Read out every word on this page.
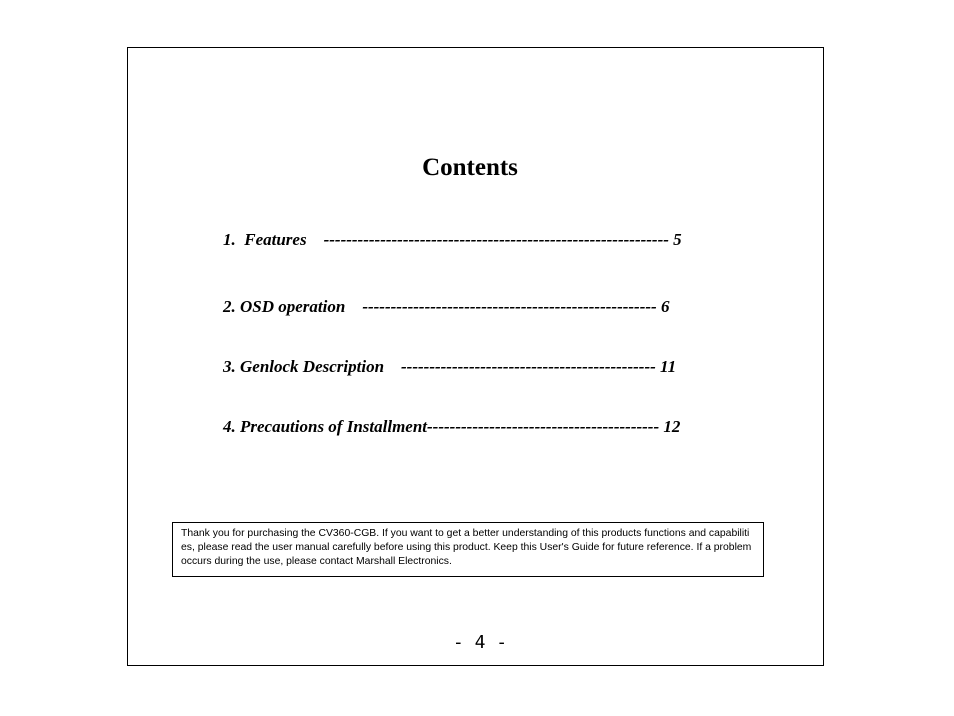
Contents

1.  Features    ------------------------------------------------------------- 5

2. OSD operation    ---------------------------------------------------- 6

3. Genlock Description    --------------------------------------------- 11

4. Precautions of Installment----------------------------------------- 12

Thank you for purchasing the CV360-CGB. If you want to get a better understanding of this products functions and capabilities, please read the user manual carefully before using this product. Keep this User's Guide for future reference. If a problem occurs during the use, please contact Marshall Electronics.
- 4 -
